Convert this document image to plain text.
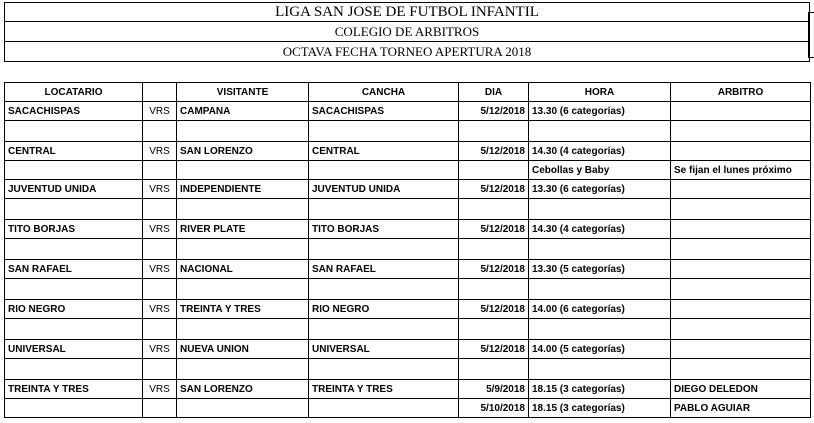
LIGA SAN JOSE DE FUTBOL INFANTIL
COLEGIO DE ARBITROS
OCTAVA FECHA TORNEO APERTURA 2018
LOCATARIO		VISITANTE	CANCHA	DIA	HORA	ARBITRO
SACACHISPAS	VRS	CAMPANA	SACACHISPAS	5/12/2018	13.30 (6 categorías)	

CENTRAL	VRS	SAN LORENZO	CENTRAL	5/12/2018	14.30 (4 categorías)	
					Cebollas y Baby	Se fijan el lunes próximo
JUVENTUD UNIDA	VRS	INDEPENDIENTE	JUVENTUD UNIDA	5/12/2018	13.30 (6 categorías)	

TITO BORJAS	VRS	RIVER PLATE	TITO BORJAS	5/12/2018	14.30 (4 categorías)	

SAN RAFAEL	VRS	NACIONAL	SAN RAFAEL	5/12/2018	13.30 (5 categorías)	

RIO NEGRO	VRS	TREINTA Y TRES	RIO NEGRO	5/12/2018	14.00 (6 categorías)	

UNIVERSAL	VRS	NUEVA UNION	UNIVERSAL	5/12/2018	14.00 (5 categorías)	

TREINTA Y TRES	VRS	SAN LORENZO	TREINTA Y TRES	5/9/2018	18.15 (3 categorías)	DIEGO DELEDON
				5/10/2018	18.15 (3 categorías)	PABLO AGUIAR
